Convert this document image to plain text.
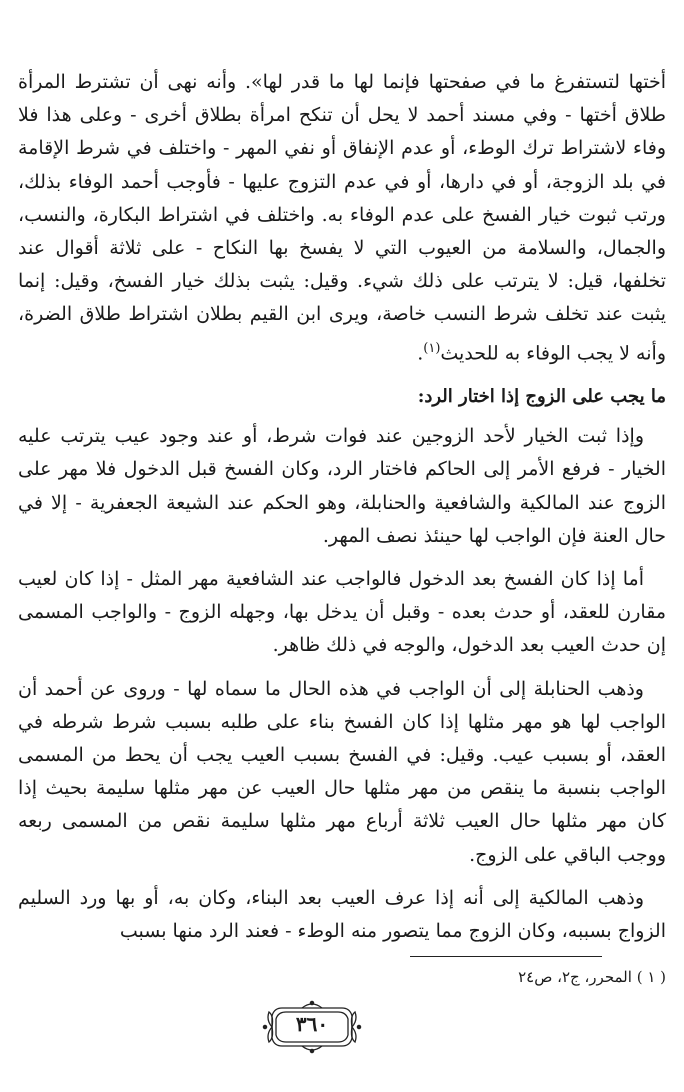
أختها لتستفرغ ما في صفحتها فإنما لها ما قدر لها». وأنه نهى أن تشترط المرأة طلاق أختها - وفي مسند أحمد لا يحل أن تنكح امرأة بطلاق أخرى - وعلى هذا فلا وفاء لاشتراط ترك الوطء، أو عدم الإنفاق أو نفي المهر - واختلف في شرط الإقامة في بلد الزوجة، أو في دارها، أو في عدم التزوج عليها - فأوجب أحمد الوفاء بذلك، ورتب ثبوت خيار الفسخ على عدم الوفاء به. واختلف في اشتراط البكارة، والنسب، والجمال، والسلامة من العيوب التي لا يفسخ بها النكاح - على ثلاثة أقوال عند تخلفها، قيل: لا يترتب على ذلك شيء. وقيل: يثبت بذلك خيار الفسخ، وقيل: إنما يثبت عند تخلف شرط النسب خاصة، ويرى ابن القيم بطلان اشتراط طلاق الضرة، وأنه لا يجب الوفاء به للحديث$^{(١)}$.

ما يجب على الزوج إذا اختار الرد:

وإذا ثبت الخيار لأحد الزوجين عند فوات شرط، أو عند وجود عيب يترتب عليه الخيار - فرفع الأمر إلى الحاكم فاختار الرد، وكان الفسخ قبل الدخول فلا مهر على الزوج عند المالكية والشافعية والحنابلة، وهو الحكم عند الشيعة الجعفرية - إلا في حال العنة فإن الواجب لها حينئذ نصف المهر.

أما إذا كان الفسخ بعد الدخول فالواجب عند الشافعية مهر المثل - إذا كان لعيب مقارن للعقد، أو حدث بعده - وقبل أن يدخل بها، وجهله الزوج - والواجب المسمى إن حدث العيب بعد الدخول، والوجه في ذلك ظاهر.

وذهب الحنابلة إلى أن الواجب في هذه الحال ما سماه لها - وروى عن أحمد أن الواجب لها هو مهر مثلها إذا كان الفسخ بناء على طلبه بسبب شرط شرطه في العقد، أو بسبب عيب. وقيل: في الفسخ بسبب العيب يجب أن يحط من المسمى الواجب بنسبة ما ينقص من مهر مثلها حال العيب عن مهر مثلها سليمة بحيث إذا كان مهر مثلها حال العيب ثلاثة أرباع مهر مثلها سليمة نقص من المسمى ربعه ووجب الباقي على الزوج.

وذهب المالكية إلى أنه إذا عرف العيب بعد البناء، وكان به، أو بها ورد السليم الزواج بسببه، وكان الزوج مما يتصور منه الوطء - فعند الرد منها بسبب

( ١ ) المحرر، ج٢، ص٢٤
٣٦٠
